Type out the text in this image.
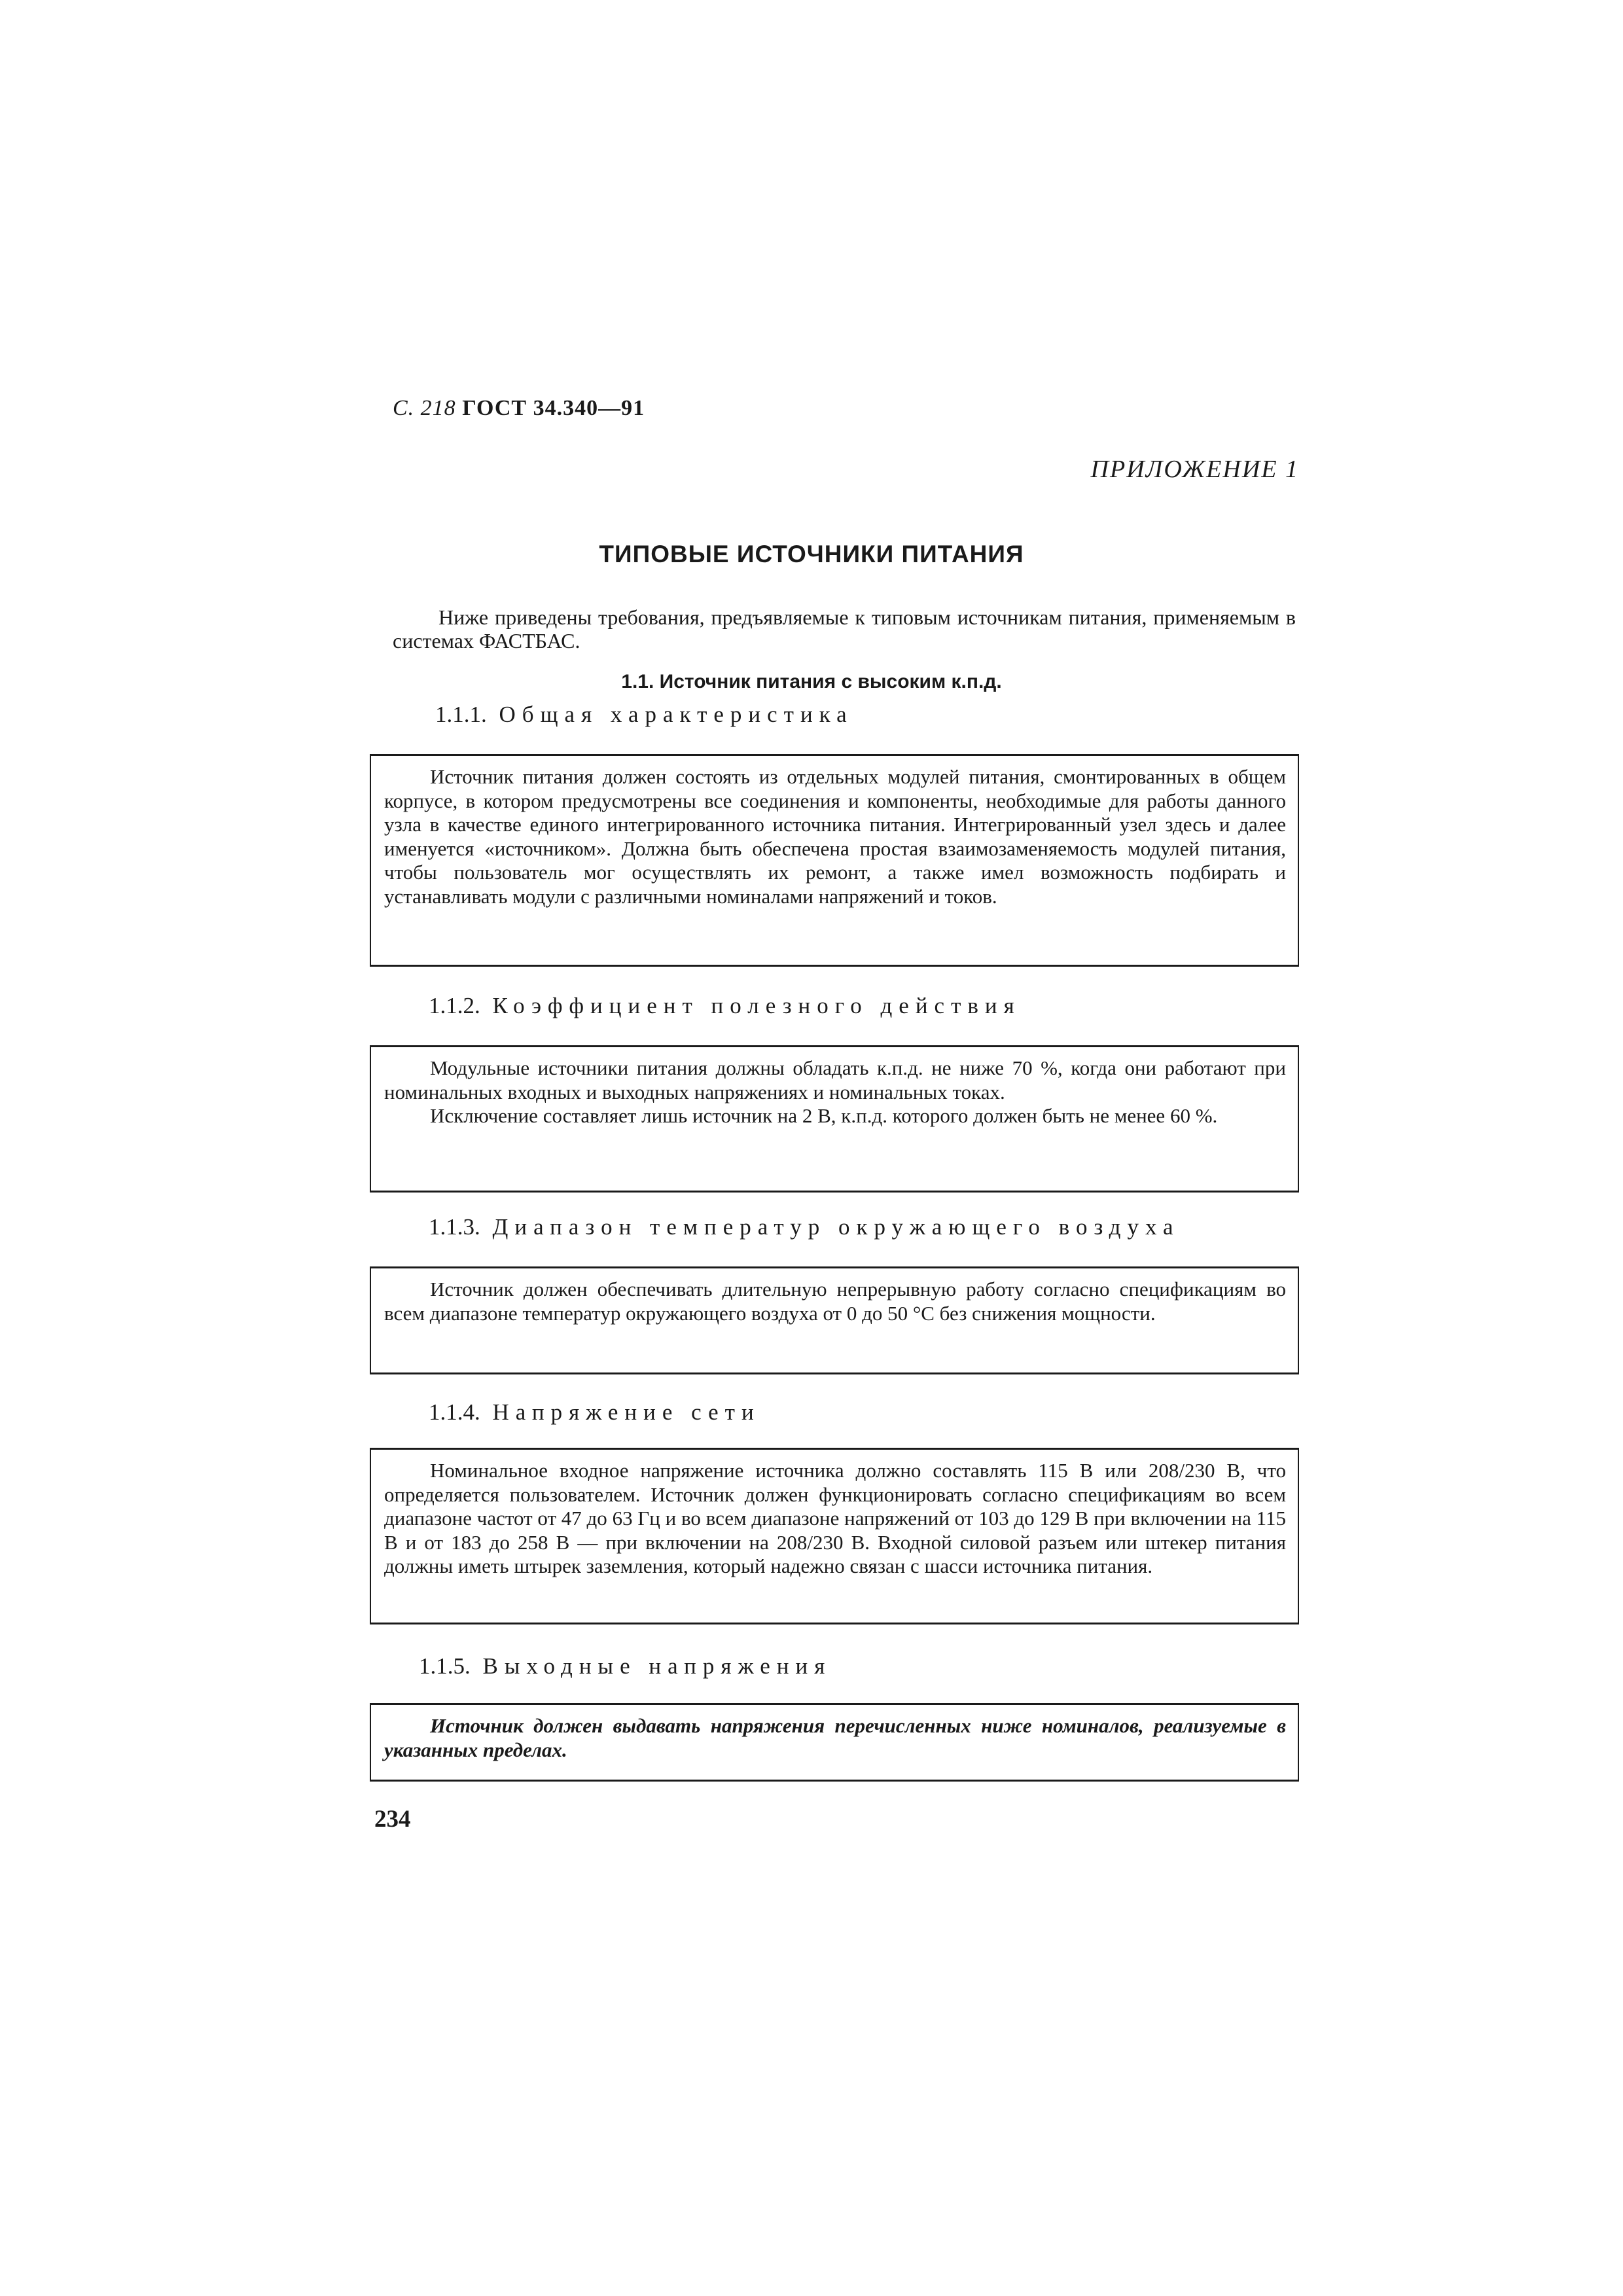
С. 218 ГОСТ 34.340—91
ПРИЛОЖЕНИЕ 1
ТИПОВЫЕ ИСТОЧНИКИ ПИТАНИЯ
Ниже приведены требования, предъявляемые к типовым источникам питания, применяемым в системах ФАСТБАС.
1.1. Источник питания с высоким к.п.д.
1.1.1. Общая характеристика

Источник питания должен состоять из отдельных модулей питания, смонтированных в общем корпусе, в котором предусмотрены все соединения и компоненты, необходимые для работы данного узла в качестве единого интегрированного источника питания. Интегрированный узел здесь и далее именуется «источником». Должна быть обеспечена простая взаимозаменяемость модулей питания, чтобы пользователь мог осуществлять их ремонт, а также имел возможность подбирать и устанавливать модули с различными номиналами напряжений и токов.

1.1.2. Коэффициент полезного действия

Модульные источники питания должны обладать к.п.д. не ниже 70 %, когда они работают при номинальных входных и выходных напряжениях и номинальных токах.

Исключение составляет лишь источник на 2 В, к.п.д. которого должен быть не менее 60 %.

1.1.3. Диапазон температур окружающего воздуха

Источник должен обеспечивать длительную непрерывную работу согласно спецификациям во всем диапазоне температур окружающего воздуха от 0 до 50 °С без снижения мощности.

1.1.4. Напряжение сети

Номинальное входное напряжение источника должно составлять 115 В или 208/230 В, что определяется пользователем. Источник должен функционировать согласно спецификациям во всем диапазоне частот от 47 до 63 Гц и во всем диапазоне напряжений от 103 до 129 В при включении на 115 В и от 183 до 258 В — при включении на 208/230 В. Входной силовой разъем или штекер питания должны иметь штырек заземления, который надежно связан с шасси источника питания.

1.1.5. Выходные напряжения

Источник должен выдавать напряжения перечисленных ниже номиналов, реализуемые в указанных пределах.

234
